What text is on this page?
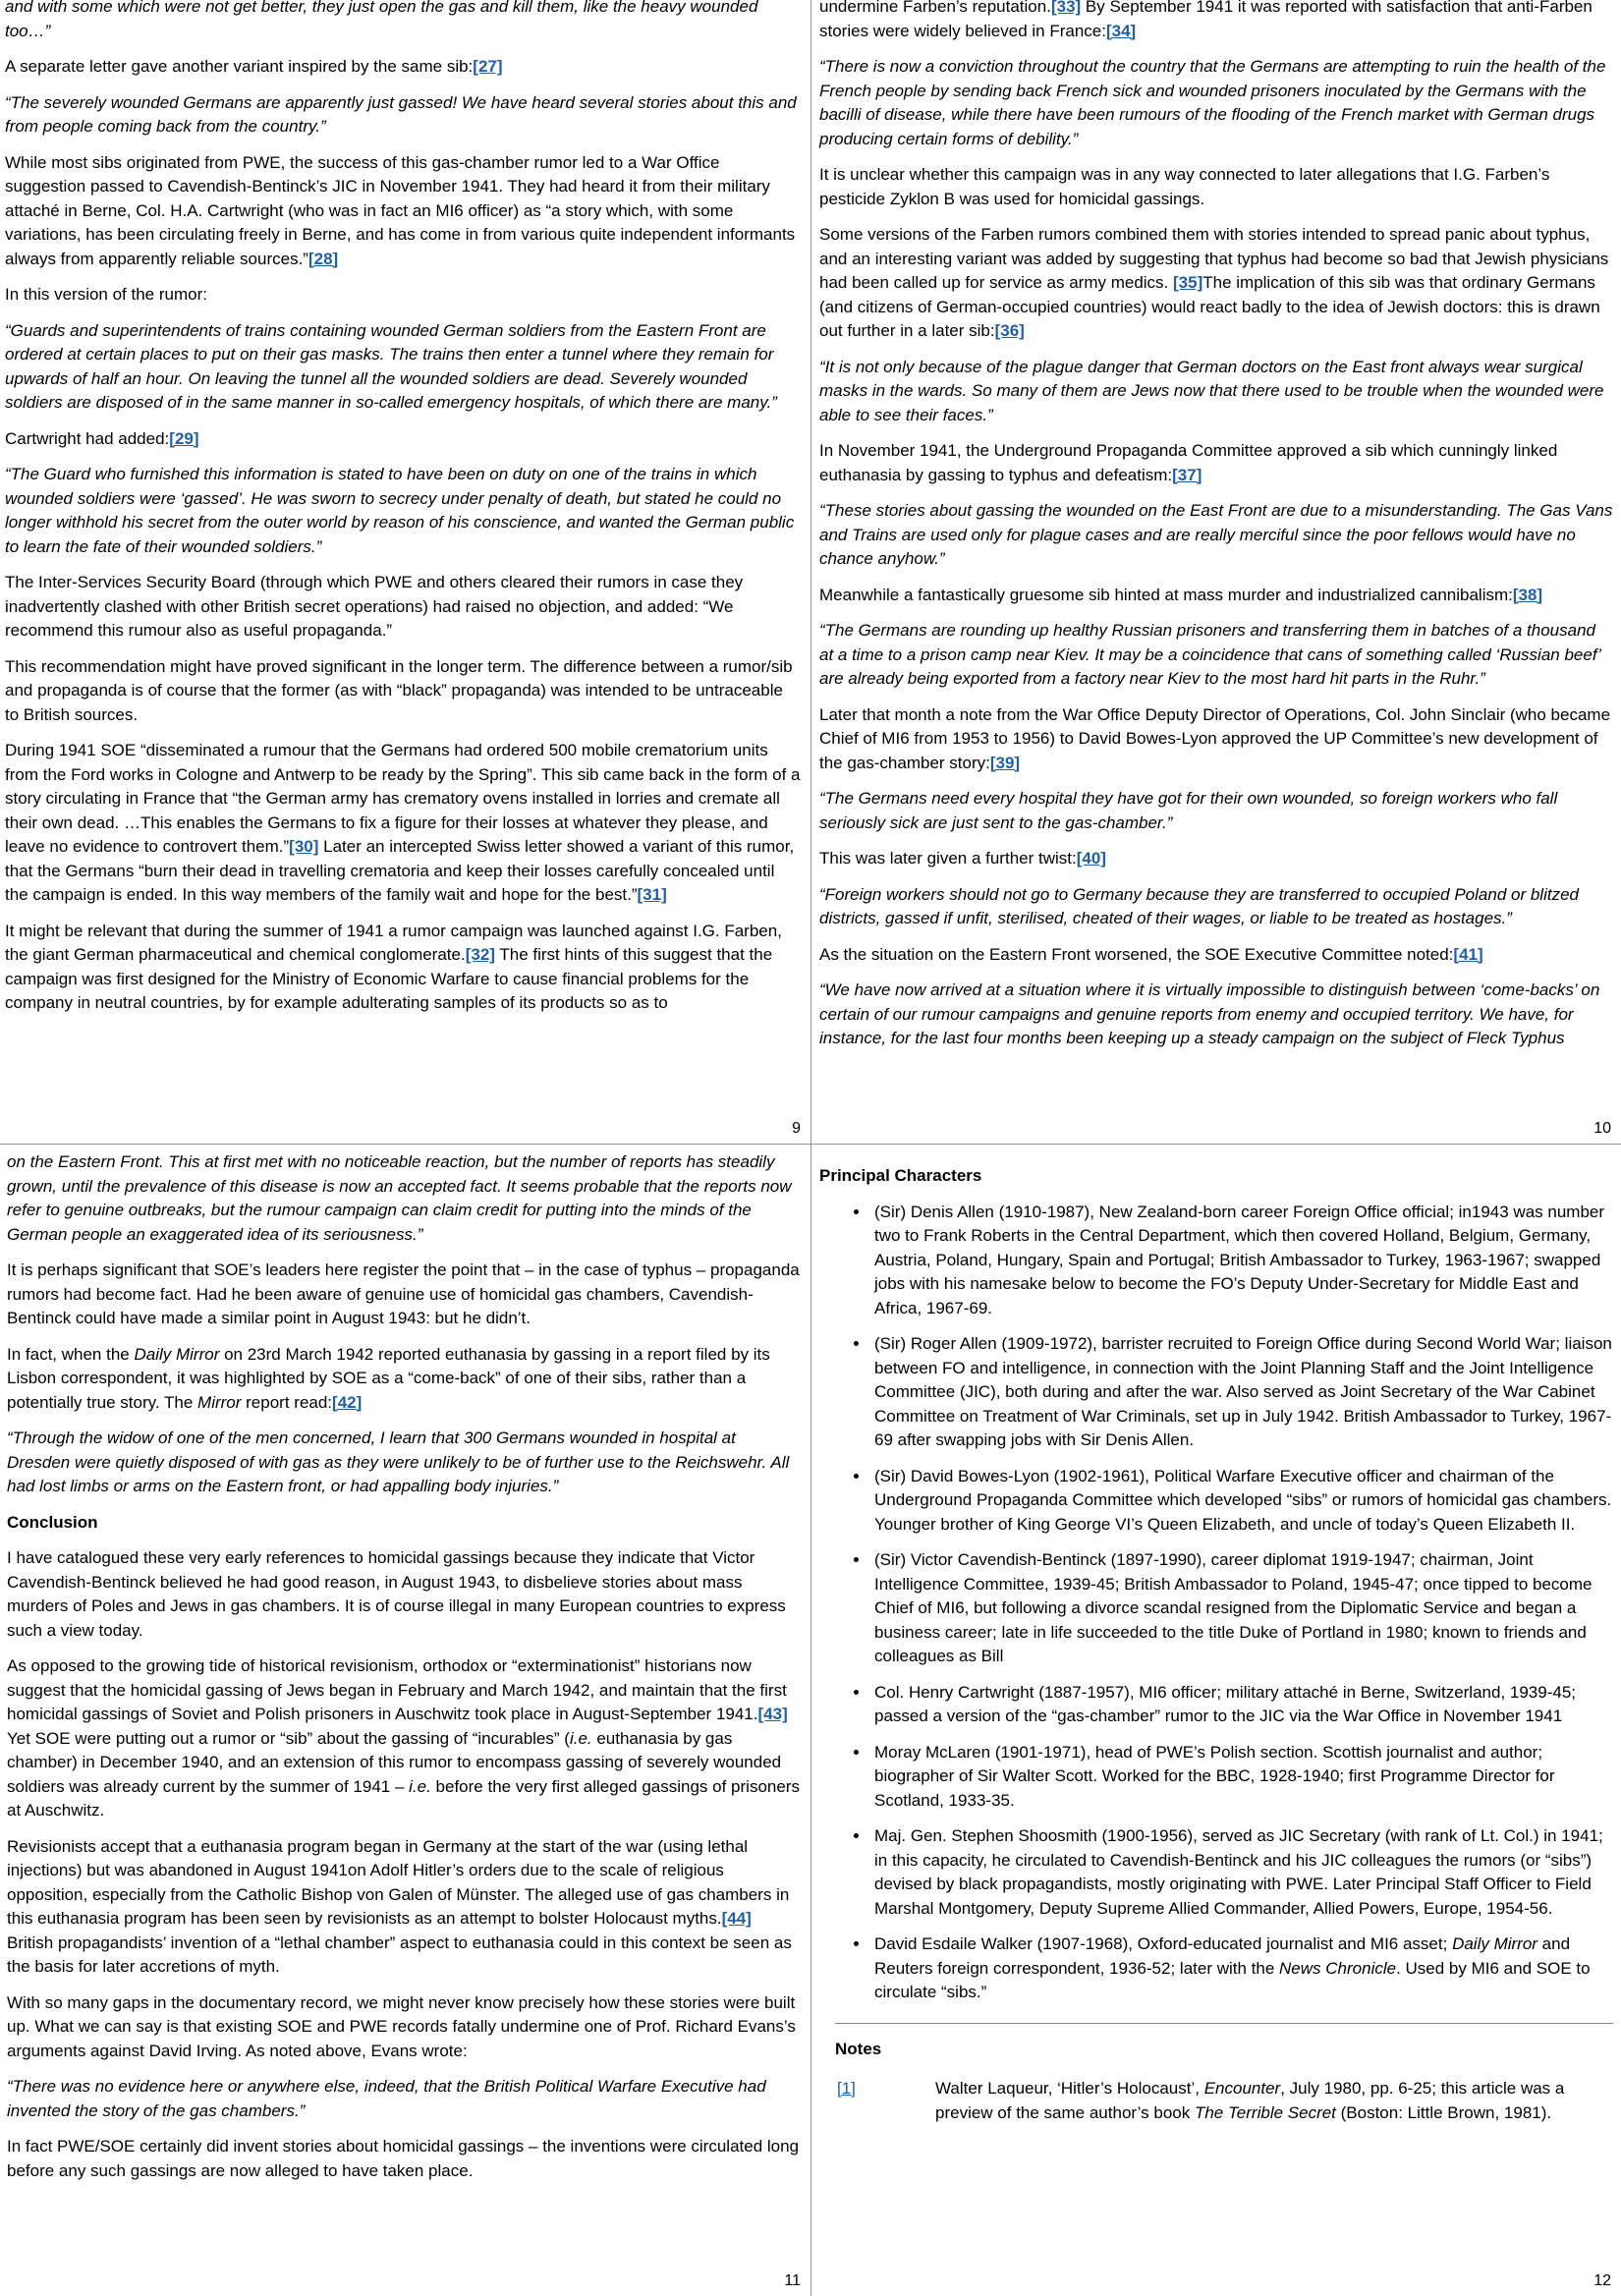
and with some which were not get better, they just open the gas and kill them, like the heavy wounded too…”

A separate letter gave another variant inspired by the same sib:[27]

“The severely wounded Germans are apparently just gassed! We have heard several stories about this and from people coming back from the country.”

While most sibs originated from PWE, the success of this gas-chamber rumor led to a War Office suggestion passed to Cavendish-Bentinck’s JIC in November 1941. They had heard it from their military attaché in Berne, Col. H.A. Cartwright (who was in fact an MI6 officer) as “a story which, with some variations, has been circulating freely in Berne, and has come in from various quite independent informants always from apparently reliable sources.”[28]

In this version of the rumor:

“Guards and superintendents of trains containing wounded German soldiers from the Eastern Front are ordered at certain places to put on their gas masks. The trains then enter a tunnel where they remain for upwards of half an hour. On leaving the tunnel all the wounded soldiers are dead. Severely wounded soldiers are disposed of in the same manner in so-called emergency hospitals, of which there are many.”

Cartwright had added:[29]

“The Guard who furnished this information is stated to have been on duty on one of the trains in which wounded soldiers were ‘gassed’. He was sworn to secrecy under penalty of death, but stated he could no longer withhold his secret from the outer world by reason of his conscience, and wanted the German public to learn the fate of their wounded soldiers.”

The Inter-Services Security Board (through which PWE and others cleared their rumors in case they inadvertently clashed with other British secret operations) had raised no objection, and added: “We recommend this rumour also as useful propaganda.”

This recommendation might have proved significant in the longer term. The difference between a rumor/sib and propaganda is of course that the former (as with “black” propaganda) was intended to be untraceable to British sources.

During 1941 SOE “disseminated a rumour that the Germans had ordered 500 mobile crematorium units from the Ford works in Cologne and Antwerp to be ready by the Spring”. This sib came back in the form of a story circulating in France that “the German army has crematory ovens installed in lorries and cremate all their own dead. …This enables the Germans to fix a figure for their losses at whatever they please, and leave no evidence to controvert them.”[30] Later an intercepted Swiss letter showed a variant of this rumor, that the Germans “burn their dead in travelling crematoria and keep their losses carefully concealed until the campaign is ended. In this way members of the family wait and hope for the best.”[31]

It might be relevant that during the summer of 1941 a rumor campaign was launched against I.G. Farben, the giant German pharmaceutical and chemical conglomerate.[32] The first hints of this suggest that the campaign was first designed for the Ministry of Economic Warfare to cause financial problems for the company in neutral countries, by for example adulterating samples of its products so as to

9

undermine Farben’s reputation.[33] By September 1941 it was reported with satisfaction that anti-Farben stories were widely believed in France:[34]

“There is now a conviction throughout the country that the Germans are attempting to ruin the health of the French people by sending back French sick and wounded prisoners inoculated by the Germans with the bacilli of disease, while there have been rumours of the flooding of the French market with German drugs producing certain forms of debility.”

It is unclear whether this campaign was in any way connected to later allegations that I.G. Farben’s pesticide Zyklon B was used for homicidal gassings.

Some versions of the Farben rumors combined them with stories intended to spread panic about typhus, and an interesting variant was added by suggesting that typhus had become so bad that Jewish physicians had been called up for service as army medics. [35]The implication of this sib was that ordinary Germans (and citizens of German-occupied countries) would react badly to the idea of Jewish doctors: this is drawn out further in a later sib:[36]

“It is not only because of the plague danger that German doctors on the East front always wear surgical masks in the wards. So many of them are Jews now that there used to be trouble when the wounded were able to see their faces.”

In November 1941, the Underground Propaganda Committee approved a sib which cunningly linked euthanasia by gassing to typhus and defeatism:[37]

“These stories about gassing the wounded on the East Front are due to a misunderstanding. The Gas Vans and Trains are used only for plague cases and are really merciful since the poor fellows would have no chance anyhow.”

Meanwhile a fantastically gruesome sib hinted at mass murder and industrialized cannibalism:[38]

“The Germans are rounding up healthy Russian prisoners and transferring them in batches of a thousand at a time to a prison camp near Kiev. It may be a coincidence that cans of something called ‘Russian beef’ are already being exported from a factory near Kiev to the most hard hit parts in the Ruhr.”

Later that month a note from the War Office Deputy Director of Operations, Col. John Sinclair (who became Chief of MI6 from 1953 to 1956) to David Bowes-Lyon approved the UP Committee’s new development of the gas-chamber story:[39]

“The Germans need every hospital they have got for their own wounded, so foreign workers who fall seriously sick are just sent to the gas-chamber.”

This was later given a further twist:[40]

“Foreign workers should not go to Germany because they are transferred to occupied Poland or blitzed districts, gassed if unfit, sterilised, cheated of their wages, or liable to be treated as hostages.”

As the situation on the Eastern Front worsened, the SOE Executive Committee noted:[41]

“We have now arrived at a situation where it is virtually impossible to distinguish between ‘come-backs’ on certain of our rumour campaigns and genuine reports from enemy and occupied territory. We have, for instance, for the last four months been keeping up a steady campaign on the subject of Fleck Typhus

10

on the Eastern Front. This at first met with no noticeable reaction, but the number of reports has steadily grown, until the prevalence of this disease is now an accepted fact. It seems probable that the reports now refer to genuine outbreaks, but the rumour campaign can claim credit for putting into the minds of the German people an exaggerated idea of its seriousness.”

It is perhaps significant that SOE’s leaders here register the point that – in the case of typhus – propaganda rumors had become fact. Had he been aware of genuine use of homicidal gas chambers, Cavendish-Bentinck could have made a similar point in August 1943: but he didn’t.

In fact, when the Daily Mirror on 23rd March 1942 reported euthanasia by gassing in a report filed by its Lisbon correspondent, it was highlighted by SOE as a “come-back” of one of their sibs, rather than a potentially true story. The Mirror report read:[42]

“Through the widow of one of the men concerned, I learn that 300 Germans wounded in hospital at Dresden were quietly disposed of with gas as they were unlikely to be of further use to the Reichswehr. All had lost limbs or arms on the Eastern front, or had appalling body injuries.”

Conclusion

I have catalogued these very early references to homicidal gassings because they indicate that Victor Cavendish-Bentinck believed he had good reason, in August 1943, to disbelieve stories about mass murders of Poles and Jews in gas chambers. It is of course illegal in many European countries to express such a view today.

As opposed to the growing tide of historical revisionism, orthodox or “exterminationist” historians now suggest that the homicidal gassing of Jews began in February and March 1942, and maintain that the first homicidal gassings of Soviet and Polish prisoners in Auschwitz took place in August-September 1941.[43] Yet SOE were putting out a rumor or “sib” about the gassing of “incurables” (i.e. euthanasia by gas chamber) in December 1940, and an extension of this rumor to encompass gassing of severely wounded soldiers was already current by the summer of 1941 – i.e. before the very first alleged gassings of prisoners at Auschwitz.

Revisionists accept that a euthanasia program began in Germany at the start of the war (using lethal injections) but was abandoned in August 1941on Adolf Hitler’s orders due to the scale of religious opposition, especially from the Catholic Bishop von Galen of Münster. The alleged use of gas chambers in this euthanasia program has been seen by revisionists as an attempt to bolster Holocaust myths.[44] British propagandists’ invention of a “lethal chamber” aspect to euthanasia could in this context be seen as the basis for later accretions of myth.

With so many gaps in the documentary record, we might never know precisely how these stories were built up. What we can say is that existing SOE and PWE records fatally undermine one of Prof. Richard Evans’s arguments against David Irving. As noted above, Evans wrote:

“There was no evidence here or anywhere else, indeed, that the British Political Warfare Executive had invented the story of the gas chambers.”

In fact PWE/SOE certainly did invent stories about homicidal gassings – the inventions were circulated long before any such gassings are now alleged to have taken place.

11
Principal Characters
• (Sir) Denis Allen (1910-1987), New Zealand-born career Foreign Office official; in1943 was number two to Frank Roberts in the Central Department, which then covered Holland, Belgium, Germany, Austria, Poland, Hungary, Spain and Portugal; British Ambassador to Turkey, 1963-1967; swapped jobs with his namesake below to become the FO’s Deputy Under-Secretary for Middle East and Africa, 1967-69.
• (Sir) Roger Allen (1909-1972), barrister recruited to Foreign Office during Second World War; liaison between FO and intelligence, in connection with the Joint Planning Staff and the Joint Intelligence Committee (JIC), both during and after the war. Also served as Joint Secretary of the War Cabinet Committee on Treatment of War Criminals, set up in July 1942. British Ambassador to Turkey, 1967-69 after swapping jobs with Sir Denis Allen.
• (Sir) David Bowes-Lyon (1902-1961), Political Warfare Executive officer and chairman of the Underground Propaganda Committee which developed “sibs” or rumors of homicidal gas chambers. Younger brother of King George VI’s Queen Elizabeth, and uncle of today’s Queen Elizabeth II.
• (Sir) Victor Cavendish-Bentinck (1897-1990), career diplomat 1919-1947; chairman, Joint Intelligence Committee, 1939-45; British Ambassador to Poland, 1945-47; once tipped to become Chief of MI6, but following a divorce scandal resigned from the Diplomatic Service and began a business career; late in life succeeded to the title Duke of Portland in 1980; known to friends and colleagues as Bill
• Col. Henry Cartwright (1887-1957), MI6 officer; military attaché in Berne, Switzerland, 1939-45; passed a version of the “gas-chamber” rumor to the JIC via the War Office in November 1941
• Moray McLaren (1901-1971), head of PWE’s Polish section. Scottish journalist and author; biographer of Sir Walter Scott. Worked for the BBC, 1928-1940; first Programme Director for Scotland, 1933-35.
• Maj. Gen. Stephen Shoosmith (1900-1956), served as JIC Secretary (with rank of Lt. Col.) in 1941; in this capacity, he circulated to Cavendish-Bentinck and his JIC colleagues the rumors (or “sibs”) devised by black propagandists, mostly originating with PWE. Later Principal Staff Officer to Field Marshal Montgomery, Deputy Supreme Allied Commander, Allied Powers, Europe, 1954-56.
• David Esdaile Walker (1907-1968), Oxford-educated journalist and MI6 asset; Daily Mirror and Reuters foreign correspondent, 1936-52; later with the News Chronicle. Used by MI6 and SOE to circulate “sibs.”
Notes
[1]	Walter Laqueur, ‘Hitler’s Holocaust’, Encounter, July 1980, pp. 6-25; this article was a preview of the same author’s book The Terrible Secret (Boston: Little Brown, 1981).
12
